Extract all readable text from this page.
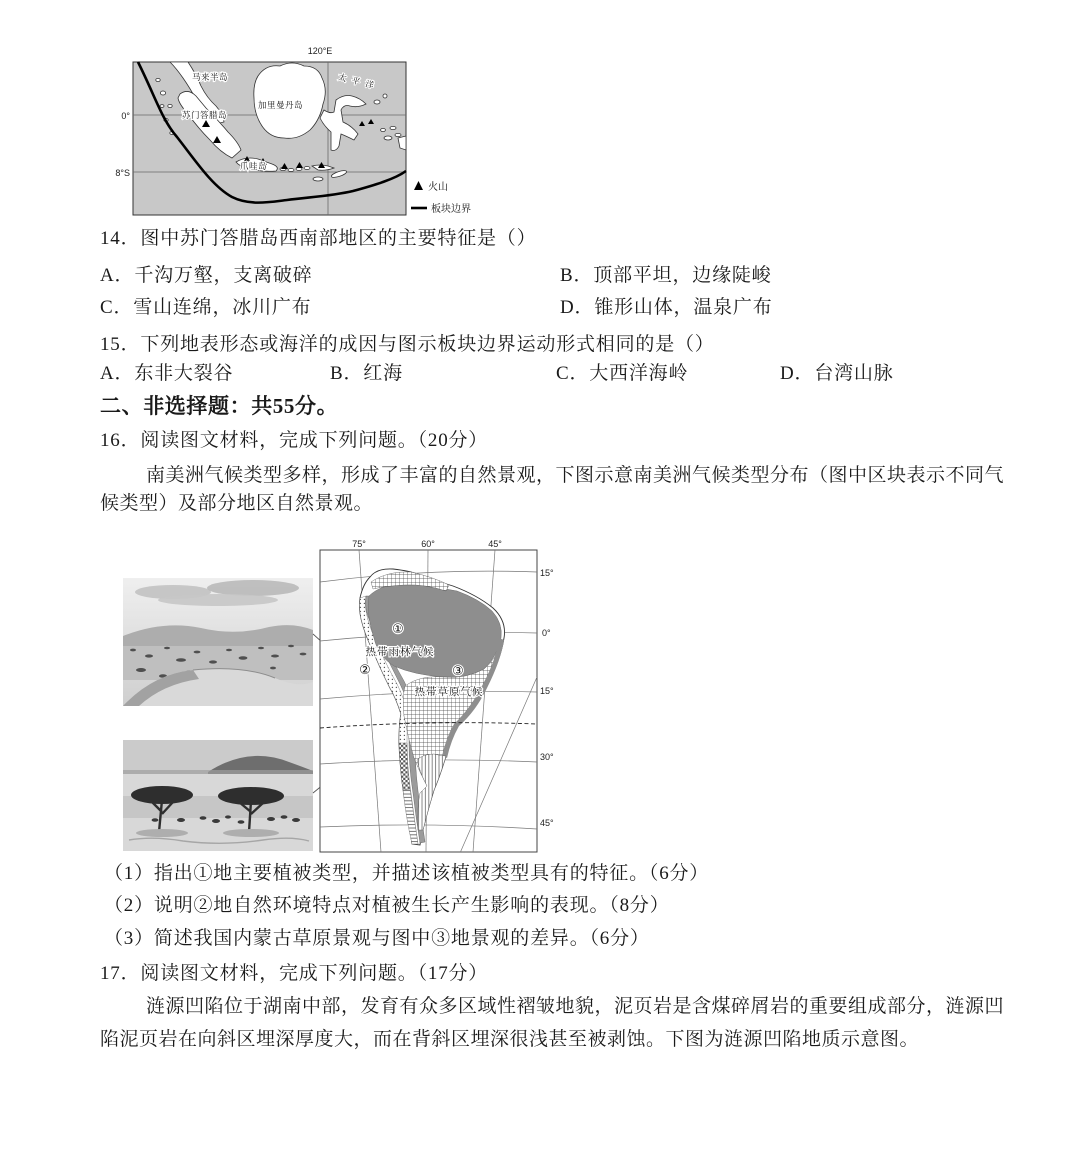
120°E
0°
8°S
马来半岛
加里曼丹岛
苏门答腊岛
爪哇岛
太 平 洋
火山
板块边界
14．图中苏门答腊岛西南部地区的主要特征是（）
A．千沟万壑，支离破碎	B．顶部平坦，边缘陡峻
C．雪山连绵，冰川广布	D．锥形山体，温泉广布
15．下列地表形态或海洋的成因与图示板块边界运动形式相同的是（）
A．东非大裂谷	B．红海	C．大西洋海岭	D．台湾山脉
二、非选择题：共55分。
16．阅读图文材料，完成下列问题。（20分）
南美洲气候类型多样，形成了丰富的自然景观，下图示意南美洲气候类型分布（图中区块表示不同气
候类型）及部分地区自然景观。
75°	60°	45°
15°
0°
15°
30°
45°
①
热带雨林气候
②	③
热带草原气候
（1）指出①地主要植被类型，并描述该植被类型具有的特征。（6分）
（2）说明②地自然环境特点对植被生长产生影响的表现。（8分）
（3）简述我国内蒙古草原景观与图中③地景观的差异。（6分）
17．阅读图文材料，完成下列问题。（17分）
涟源凹陷位于湖南中部，发育有众多区域性褶皱地貌，泥页岩是含煤碎屑岩的重要组成部分，涟源凹
陷泥页岩在向斜区埋深厚度大，而在背斜区埋深很浅甚至被剥蚀。下图为涟源凹陷地质示意图。
